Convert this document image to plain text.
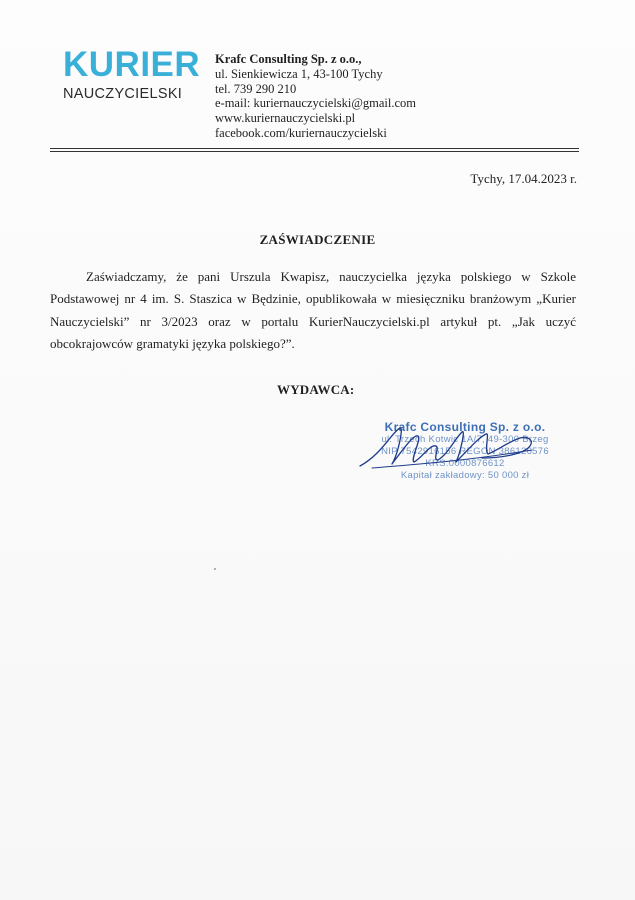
KURIER
NAUCZYCIELSKI
Krafc Consulting Sp. z o.o.,
ul. Sienkiewicza 1, 43-100 Tychy
tel. 739 290 210
e-mail: kuriernauczycielski@gmail.com
www.kuriernauczycielski.pl
facebook.com/kuriernauczycielski
Tychy, 17.04.2023 r.
ZAŚWIADCZENIE
Zaświadczamy, że pani Urszula Kwapisz, nauczycielka języka polskiego w Szkole Podstawowej nr 4 im. S. Staszica w Będzinie, opublikowała w miesięczniku branżowym „Kurier Nauczycielski” nr 3/2023 oraz w portalu KurierNauczycielski.pl artykuł pt. „Jak uczyć obcokrajowców gramatyki języka polskiego?”.
WYDAWCA:
Krafc Consulting Sp. z o.o.
ul. Trzech Kotwic 1A/7, 49-300 Brzeg
NIP 7542916156 REGON 386126576
KRS:0000876612
Kapitał zakładowy: 50 000 zł
